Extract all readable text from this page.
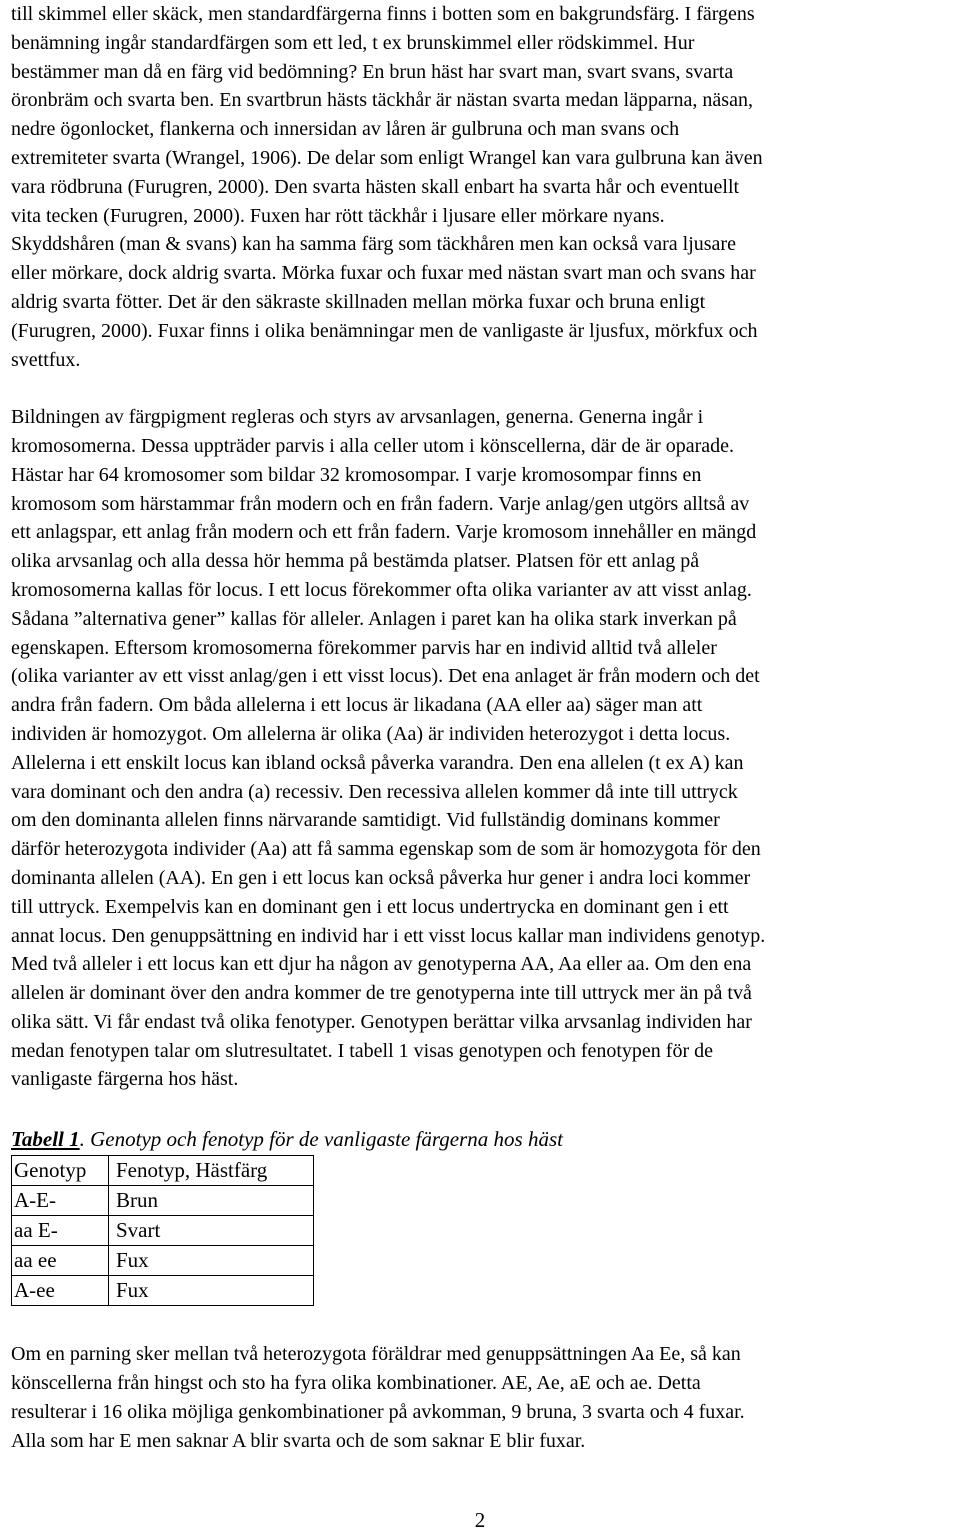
till skimmel eller skäck, men standardfärgerna finns i botten som en bakgrundsfärg. I färgens
benämning ingår standardfärgen som ett led, t ex brunskimmel eller rödskimmel. Hur
bestämmer man då en färg vid bedömning? En brun häst har svart man, svart svans, svarta
öronbräm och svarta ben. En svartbrun hästs täckhår är nästan svarta medan läpparna, näsan,
nedre ögonlocket, flankerna och innersidan av låren är gulbruna och man svans och
extremiteter svarta (Wrangel, 1906). De delar som enligt Wrangel kan vara gulbruna kan även
vara rödbruna (Furugren, 2000). Den svarta hästen skall enbart ha svarta hår och eventuellt
vita tecken (Furugren, 2000). Fuxen har rött täckhår i ljusare eller mörkare nyans.
Skyddshåren (man & svans) kan ha samma färg som täckhåren men kan också vara ljusare
eller mörkare, dock aldrig svarta. Mörka fuxar och fuxar med nästan svart man och svans har
aldrig svarta fötter. Det är den säkraste skillnaden mellan mörka fuxar och bruna enligt
(Furugren, 2000). Fuxar finns i olika benämningar men de vanligaste är ljusfux, mörkfux och
svettfux.

Bildningen av färgpigment regleras och styrs av arvsanlagen, generna. Generna ingår i
kromosomerna. Dessa uppträder parvis i alla celler utom i könscellerna, där de är oparade.
Hästar har 64 kromosomer som bildar 32 kromosompar. I varje kromosompar finns en
kromosom som härstammar från modern och en från fadern. Varje anlag/gen utgörs alltså av
ett anlagspar, ett anlag från modern och ett från fadern. Varje kromosom innehåller en mängd
olika arvsanlag och alla dessa hör hemma på bestämda platser. Platsen för ett anlag på
kromosomerna kallas för locus. I ett locus förekommer ofta olika varianter av att visst anlag.
Sådana ”alternativa gener” kallas för alleler. Anlagen i paret kan ha olika stark inverkan på
egenskapen. Eftersom kromosomerna förekommer parvis har en individ alltid två alleler
(olika varianter av ett visst anlag/gen i ett visst locus). Det ena anlaget är från modern och det
andra från fadern. Om båda allelerna i ett locus är likadana (AA eller aa) säger man att
individen är homozygot. Om allelerna är olika (Aa) är individen heterozygot i detta locus.
Allelerna i ett enskilt locus kan ibland också påverka varandra. Den ena allelen (t ex A) kan
vara dominant och den andra (a) recessiv. Den recessiva allelen kommer då inte till uttryck
om den dominanta allelen finns närvarande samtidigt. Vid fullständig dominans kommer
därför heterozygota individer (Aa) att få samma egenskap som de som är homozygota för den
dominanta allelen (AA). En gen i ett locus kan också påverka hur gener i andra loci kommer
till uttryck. Exempelvis kan en dominant gen i ett locus undertrycka en dominant gen i ett
annat locus. Den genuppsättning en individ har i ett visst locus kallar man individens genotyp.
Med två alleler i ett locus kan ett djur ha någon av genotyperna AA, Aa eller aa. Om den ena
allelen är dominant över den andra kommer de tre genotyperna inte till uttryck mer än på två
olika sätt. Vi får endast två olika fenotyper. Genotypen berättar vilka arvsanlag individen har
medan fenotypen talar om slutresultatet. I tabell 1 visas genotypen och fenotypen för de
vanligaste färgerna hos häst.

Tabell 1. Genotyp och fenotyp för de vanligaste färgerna hos häst

Genotyp	Fenotyp, Hästfärg
A-E-	Brun
aa E-	Svart
aa ee	Fux
A-ee	Fux

Om en parning sker mellan två heterozygota föräldrar med genuppsättningen Aa Ee, så kan
könscellerna från hingst och sto ha fyra olika kombinationer. AE, Ae, aE och ae. Detta
resulterar i 16 olika möjliga genkombinationer på avkomman, 9 bruna, 3 svarta och 4 fuxar.
Alla som har E men saknar A blir svarta och de som saknar E blir fuxar.

2
